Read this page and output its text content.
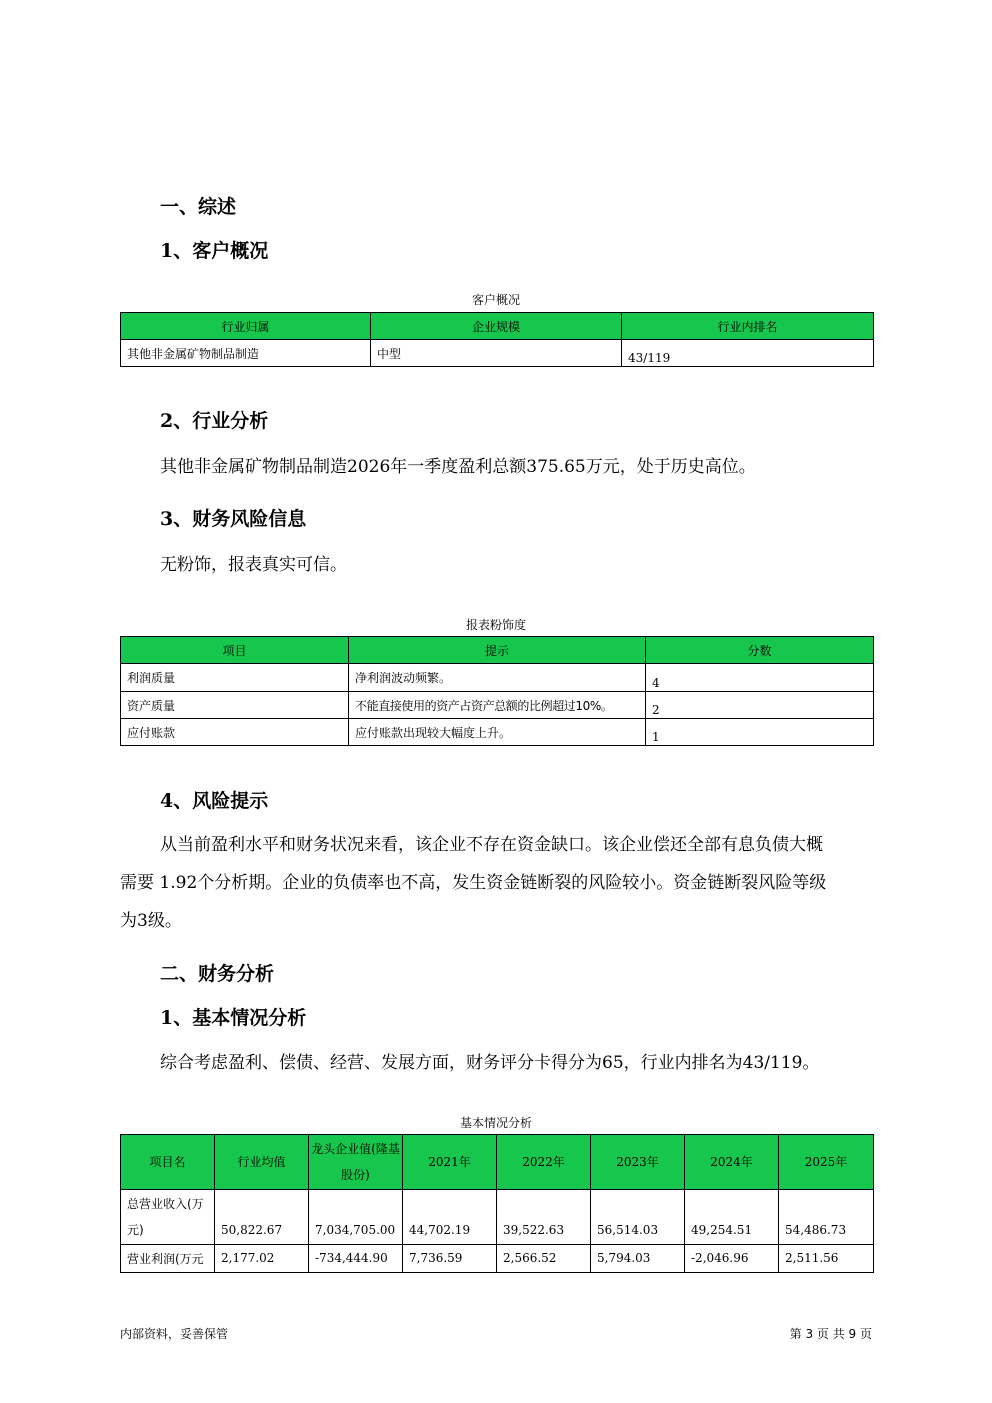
一、综述
1、客户概况
客户概况
行业归属	企业规模	行业内排名
其他非金属矿物制品制造	中型	43/119
2、行业分析
其他非金属矿物制品制造2026年一季度盈利总额375.65万元，处于历史高位。
3、财务风险信息
无粉饰，报表真实可信。
报表粉饰度
项目	提示	分数
利润质量	净利润波动频繁。	4
资产质量	不能直接使用的资产占资产总额的比例超过10%。	2
应付账款	应付账款出现较大幅度上升。	1
4、风险提示
从当前盈利水平和财务状况来看，该企业不存在资金缺口。该企业偿还全部有息负债大概
需要 1.92个分析期。企业的负债率也不高，发生资金链断裂的风险较小。资金链断裂风险等级
为3级。
二、财务分析
1、基本情况分析
综合考虑盈利、偿债、经营、发展方面，财务评分卡得分为65，行业内排名为43/119。
基本情况分析
项目名	行业均值	龙头企业值(隆基股份)	2021年	2022年	2023年	2024年	2025年
总营业收入(万元)	50,822.67	7,034,705.00	44,702.19	39,522.63	56,514.03	49,254.51	54,486.73
营业利润(万元	2,177.02	-734,444.90	7,736.59	2,566.52	5,794.03	-2,046.96	2,511.56
内部资料，妥善保管	第 3 页 共 9 页
